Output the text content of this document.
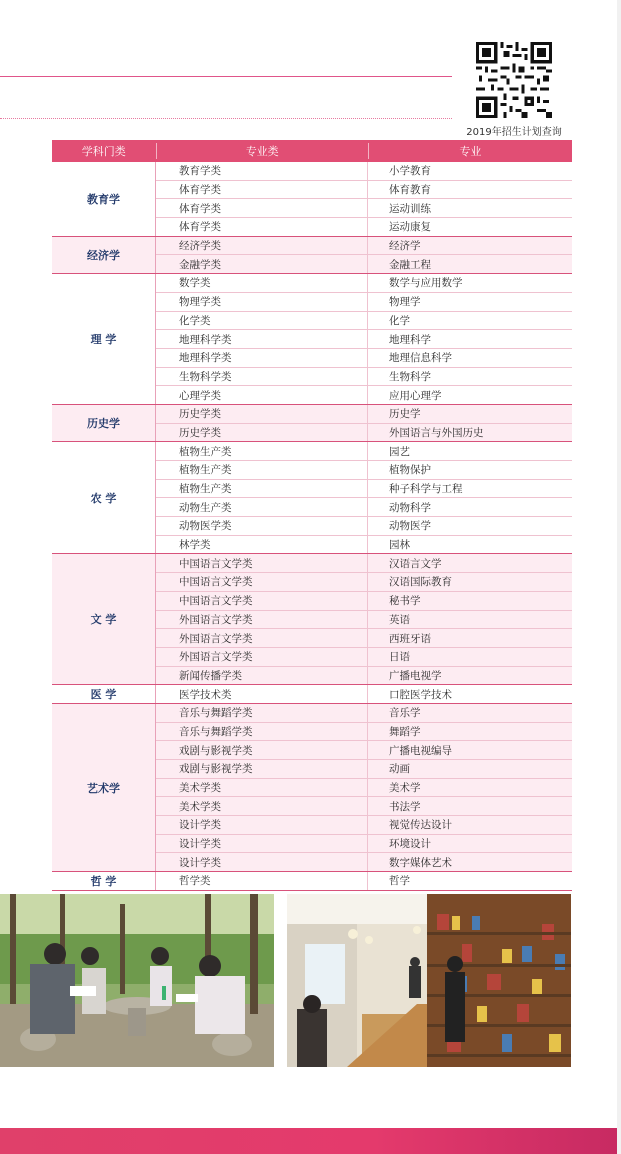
2019年招生计划查询
学科门类	专业类	专业
教育学
教育学类	小学教育
体育学类	体育教育
体育学类	运动训练
体育学类	运动康复
经济学
经济学类	经济学
金融学类	金融工程
理 学
数学类	数学与应用数学
物理学类	物理学
化学类	化学
地理科学类	地理科学
地理科学类	地理信息科学
生物科学类	生物科学
心理学类	应用心理学
历史学
历史学类	历史学
历史学类	外国语言与外国历史
农 学
植物生产类	园艺
植物生产类	植物保护
植物生产类	种子科学与工程
动物生产类	动物科学
动物医学类	动物医学
林学类	园林
文 学
中国语言文学类	汉语言文学
中国语言文学类	汉语国际教育
中国语言文学类	秘书学
外国语言文学类	英语
外国语言文学类	西班牙语
外国语言文学类	日语
新闻传播学类	广播电视学
医 学	医学技术类	口腔医学技术
艺术学
音乐与舞蹈学类	音乐学
音乐与舞蹈学类	舞蹈学
戏剧与影视学类	广播电视编导
戏剧与影视学类	动画
美术学类	美术学
美术学类	书法学
设计学类	视觉传达设计
设计学类	环境设计
设计学类	数字媒体艺术
哲 学	哲学类	哲学
